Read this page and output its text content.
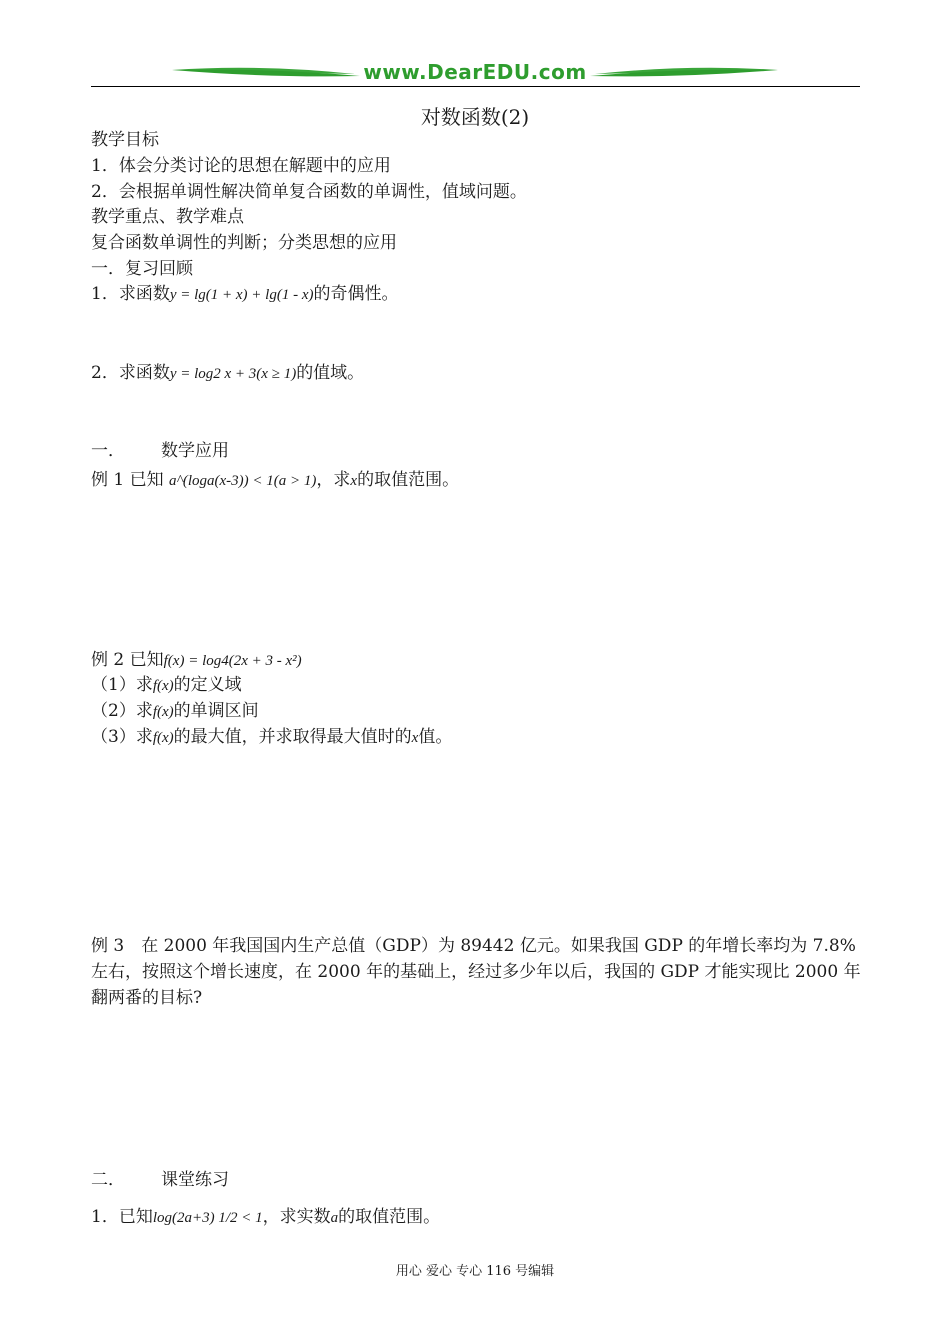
www.DearEDU.com
对数函数(2)
教学目标
1．体会分类讨论的思想在解题中的应用
2．会根据单调性解决简单复合函数的单调性，值域问题。
教学重点、教学难点
复合函数单调性的判断；分类思想的应用
一．复习回顾
1．求函数y = lg(1 + x) + lg(1 - x)的奇偶性。
2．求函数y = log2 x + 3(x ≥ 1)的值域。
一． 数学应用
例 1 已知 a^(loga(x-3)) < 1(a > 1)，求x的取值范围。
例 2 已知f(x) = log4(2x + 3 - x²)
（1）求f(x)的定义域
（2）求f(x)的单调区间
（3）求f(x)的最大值，并求取得最大值时的x值。
例 3　在 2000 年我国国内生产总值（GDP）为 89442 亿元。如果我国 GDP 的年增长率均为 7.8%左右，按照这个增长速度，在 2000 年的基础上，经过多少年以后，我国的 GDP 才能实现比 2000 年翻两番的目标?
二． 课堂练习
1．已知log(2a+3) 1/2 < 1，求实数a的取值范围。
用心 爱心 专心 116 号编辑
